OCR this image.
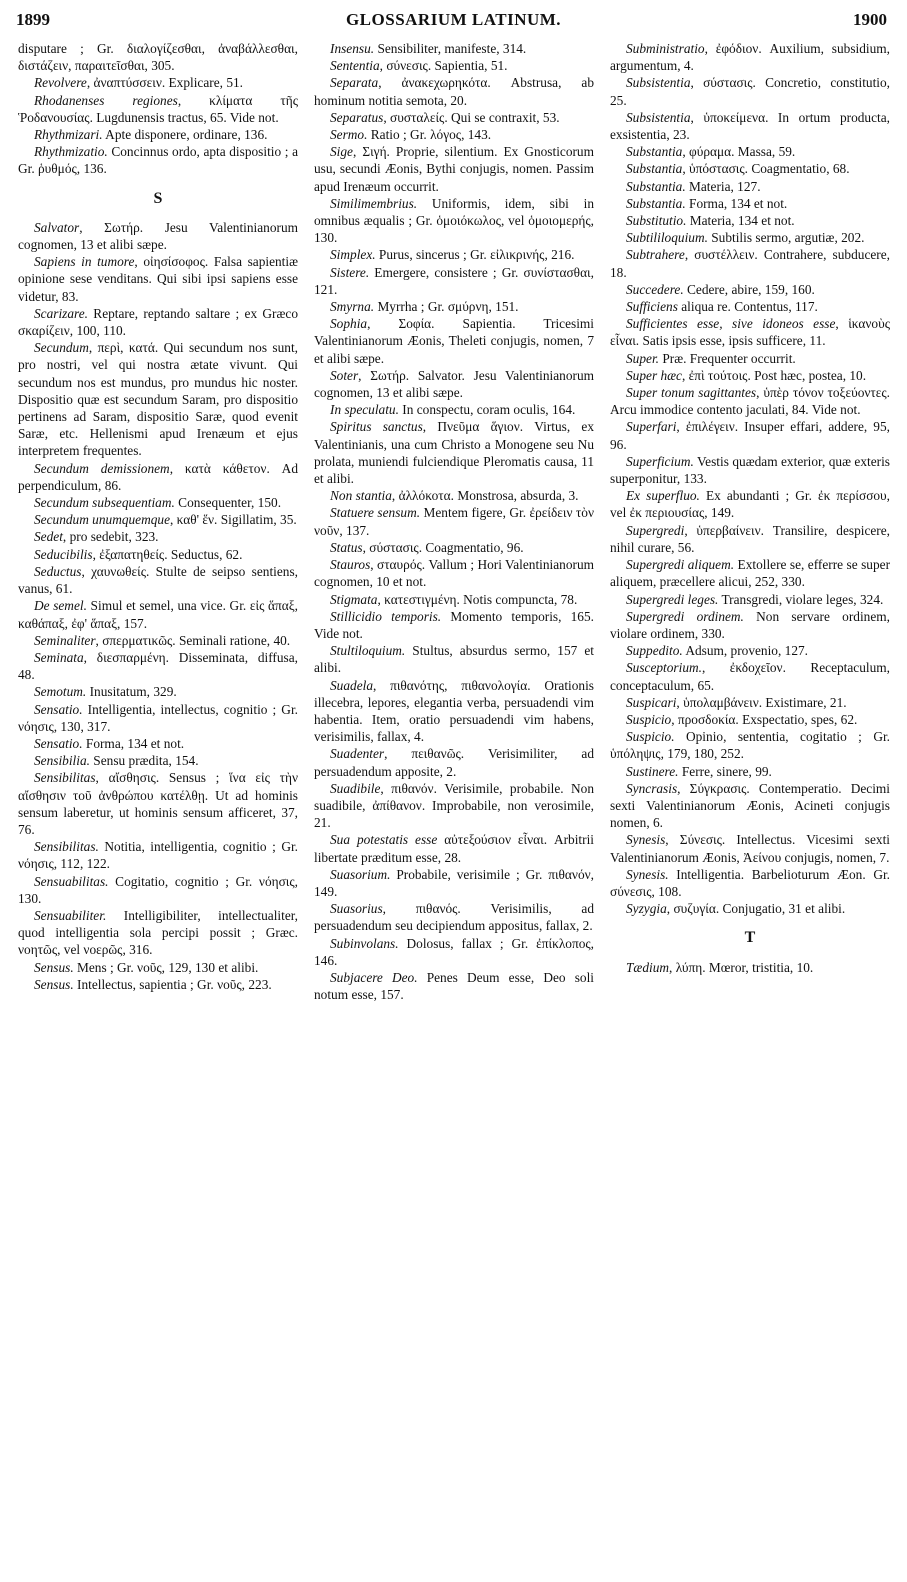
1899	GLOSSARIUM LATINUM.	1900

disputare ; Gr. διαλογίζεσθαι, ἀναβάλλεσθαι, διστάζειν, παραιτεῖσθαι, 305.

Revolvere, ἀναπτύσσειν. Explicare, 51.

Rhodanenses regiones, κλίματα τῆς Ῥοδανουσίας. Lugdunensis tractus, 65. Vide not.

Rhythmizari. Apte disponere, ordinare, 136.

Rhythmizatio. Concinnus ordo, apta dispositio ; a Gr. ῥυθμός, 136.

S

Salvator, Σωτήρ. Jesu Valentinianorum cognomen, 13 et alibi sæpe.

Sapiens in tumore, οἰησίσοφος. Falsa sapientiæ opinione sese venditans. Qui sibi ipsi sapiens esse videtur, 83.

Scarizare. Reptare, reptando saltare ; ex Græco σκαρίζειν, 100, 110.

Secundum, περὶ, κατά. Qui secundum nos sunt, pro nostri, vel qui nostra ætate vivunt. Qui secundum nos est mundus, pro mundus hic noster. Dispositio quæ est secundum Saram, pro dispositio pertinens ad Saram, dispositio Saræ, quod evenit Saræ, etc. Hellenismi apud Irenæum et ejus interpretem frequentes.

Secundum demissionem, κατὰ κάθετον. Ad perpendiculum, 86.

Secundum subsequentiam. Consequenter, 150.

Secundum unumquemque, καθ' ἕν. Sigillatim, 35.

Sedet, pro sedebit, 323.

Seducibilis, ἐξαπατηθείς. Seductus, 62.

Seductus, χαυνωθείς. Stulte de seipso sentiens, vanus, 61.

De semel. Simul et semel, una vice. Gr. εἰς ἅπαξ, καθάπαξ, ἐφ' ἅπαξ, 157.

Seminaliter, σπερματικῶς. Seminali ratione, 40.

Seminata, διεσπαρμένη. Disseminata, diffusa, 48.

Semotum. Inusitatum, 329.

Sensatio. Intelligentia, intellectus, cognitio ; Gr. νόησις, 130, 317.

Sensatio. Forma, 134 et not.

Sensibilia. Sensu prædita, 154.

Sensibilitas, αἴσθησις. Sensus ; ἵνα εἰς τὴν αἴσθησιν τοῦ ἀνθρώπου κατέλθῃ. Ut ad hominis sensum laberetur, ut hominis sensum afficeret, 37, 76.

Sensibilitas. Notitia, intelligentia, cognitio ; Gr. νόησις, 112, 122.

Sensuabilitas. Cogitatio, cognitio ; Gr. νόησις, 130.

Sensuabiliter. Intelligibiliter, intellectualiter, quod intelligentia sola percipi possit ; Græc. νοητῶς, vel νοερῶς, 316.

Sensus. Mens ; Gr. νοῦς, 129, 130 et alibi.

Sensus. Intellectus, sapientia ; Gr. νοῦς, 223.

Insensu. Sensibiliter, manifeste, 314.

Sententia, σύνεσις. Sapientia, 51.

Separata, ἀνακεχωρηκότα. Abstrusa, ab hominum notitia semota, 20.

Separatus, συσταλείς. Qui se contraxit, 53.

Sermo. Ratio ; Gr. λόγος, 143.

Sige, Σιγή. Proprie, silentium. Ex Gnosticorum usu, secundi Æonis, Bythi conjugis, nomen. Passim apud Irenæum occurrit.

Similimembrius. Uniformis, idem, sibi in omnibus æqualis ; Gr. ὁμοιόκωλος, vel ὁμοιομερής, 130.

Simplex. Purus, sincerus ; Gr. εἰλικρινής, 216.

Sistere. Emergere, consistere ; Gr. συνίστασθαι, 121.

Smyrna. Myrrha ; Gr. σμύρνη, 151.

Sophia, Σοφία. Sapientia. Tricesimi Valentinianorum Æonis, Theleti conjugis, nomen, 7 et alibi sæpe.

Soter, Σωτήρ. Salvator. Jesu Valentinianorum cognomen, 13 et alibi sæpe.

In speculatu. In conspectu, coram oculis, 164.

Spiritus sanctus, Πνεῦμα ἅγιον. Virtus, ex Valentinianis, una cum Christo a Monogene seu Nu prolata, muniendi fulciendique Pleromatis causa, 11 et alibi.

Non stantia, ἀλλόκοτα. Monstrosa, absurda, 3.

Statuere sensum. Mentem figere, Gr. ἐρείδειν τὸν νοῦν, 137.

Status, σύστασις. Coagmentatio, 96.

Stauros, σταυρός. Vallum ; Hori Valentinianorum cognomen, 10 et not.

Stigmata, κατεστιγμένη. Notis compuncta, 78.

Stillicidio temporis. Momento temporis, 165. Vide not.

Stultiloquium. Stultus, absurdus sermo, 157 et alibi.

Suadela, πιθανότης, πιθανολογία. Orationis illecebra, lepores, elegantia verba, persuadendi vim habentia. Item, oratio persuadendi vim habens, verisimilis, fallax, 4.

Suadenter, πειθανῶς. Verisimiliter, ad persuadendum apposite, 2.

Suadibile, πιθανόν. Verisimile, probabile. Non suadibile, ἀπίθανον. Improbabile, non verosimile, 21.

Sua potestatis esse αὐτεξούσιον εἶναι. Arbitrii libertate præditum esse, 28.

Suasorium. Probabile, verisimile ; Gr. πιθανόν, 149.

Suasorius, πιθανός. Verisimilis, ad persuadendum seu decipiendum appositus, fallax, 2.

Subinvolans. Dolosus, fallax ; Gr. ἐπίκλοπος, 146.

Subjacere Deo. Penes Deum esse, Deo soli notum esse, 157.

Subministratio, ἐφόδιον. Auxilium, subsidium, argumentum, 4.

Subsistentia, σύστασις. Concretio, constitutio, 25.

Subsistentia, ὑποκείμενα. In ortum producta, exsistentia, 23.

Substantia, φύραμα. Massa, 59.

Substantia, ὑπόστασις. Coagmentatio, 68.

Substantia. Materia, 127.

Substantia. Forma, 134 et not.

Substitutio. Materia, 134 et not.

Subtililoquium. Subtilis sermo, argutiæ, 202.

Subtrahere, συστέλλειν. Contrahere, subducere, 18.

Succedere. Cedere, abire, 159, 160.

Sufficiens aliqua re. Contentus, 117.

Sufficientes esse, sive idoneos esse, ἱκανοὺς εἶναι. Satis ipsis esse, ipsis sufficere, 11.

Super. Præ. Frequenter occurrit.

Super hæc, ἐπὶ τούτοις. Post hæc, postea, 10.

Super tonum sagittantes, ὑπὲρ τόνον τοξεύοντες. Arcu immodice contento jaculati, 84. Vide not.

Superfari, ἐπιλέγειν. Insuper effari, addere, 95, 96.

Superficium. Vestis quædam exterior, quæ exteris superponitur, 133.

Ex superfluo. Ex abundanti ; Gr. ἐκ περίσσου, vel ἐκ περιουσίας, 149.

Supergredi, ὑπερβαίνειν. Transilire, despicere, nihil curare, 56.

Supergredi aliquem. Extollere se, efferre se super aliquem, præcellere alicui, 252, 330.

Supergredi leges. Transgredi, violare leges, 324.

Supergredi ordinem. Non servare ordinem, violare ordinem, 330.

Suppedito. Adsum, provenio, 127.

Susceptorium., ἐκδοχεῖον. Receptaculum, conceptaculum, 65.

Suspicari, ὑπολαμβάνειν. Existimare, 21.

Suspicio, προσδοκία. Exspectatio, spes, 62.

Suspicio. Opinio, sententia, cogitatio ; Gr. ὑπόληψις, 179, 180, 252.

Sustinere. Ferre, sinere, 99.

Syncrasis, Σύγκρασις. Contemperatio. Decimi sexti Valentinianorum Æonis, Acineti conjugis nomen, 6.

Synesis, Σύνεσις. Intellectus. Vicesimi sexti Valentinianorum Æonis, Ἀείνου conjugis, nomen, 7.

Synesis. Intelligentia. Barbelioturum Æon. Gr. σύνεσις, 108.

Syzygia, συζυγία. Conjugatio, 31 et alibi.

T

Tædium, λύπη. Mœror, tristitia, 10.
